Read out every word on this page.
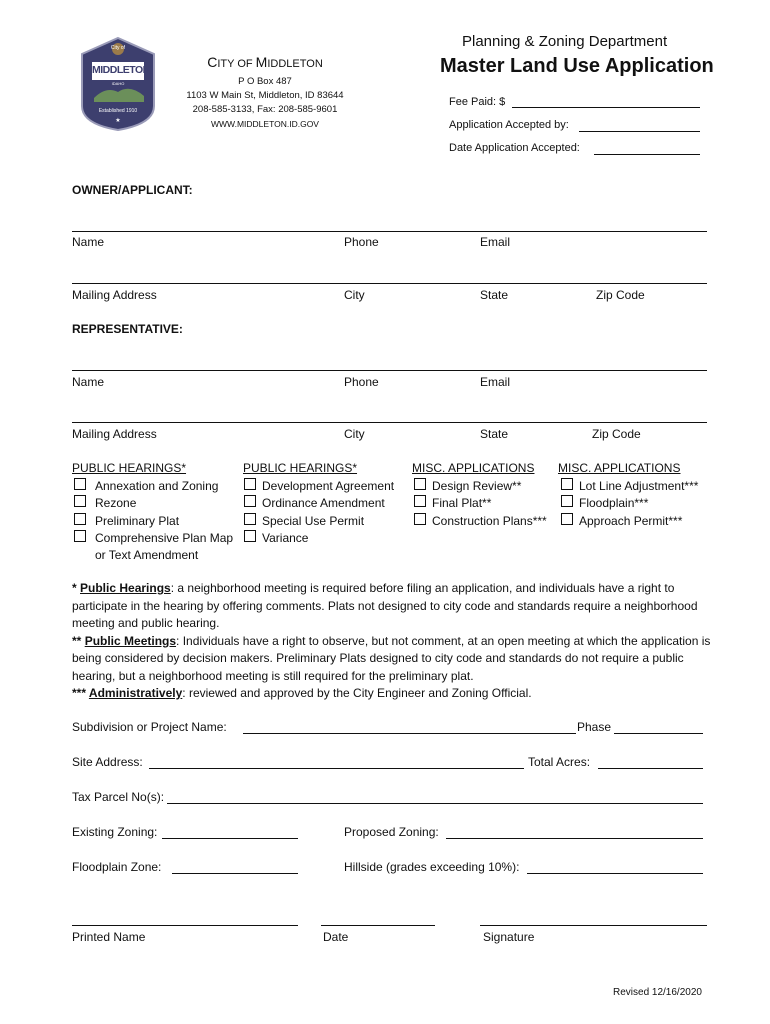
City of
MIDDLETON
IDAHO
Established 1910
★
CITY OF MIDDLETON
P O Box 487
1103 W Main St, Middleton, ID 83644
208-585-3133, Fax: 208-585-9601
WWW.MIDDLETON.ID.GOV
Planning & Zoning Department
Master Land Use Application
Fee Paid: $
Application Accepted by:
Date Application Accepted:
OWNER/APPLICANT:
Name	Phone	Email
Mailing Address	City	State	Zip Code
REPRESENTATIVE:
Name	Phone	Email
Mailing Address	City	State	Zip Code
PUBLIC HEARINGS*
Annexation and Zoning
Rezone
Preliminary Plat
Comprehensive Plan Map
or Text Amendment
PUBLIC HEARINGS*
Development Agreement
Ordinance Amendment
Special Use Permit
Variance
MISC. APPLICATIONS
Design Review**
Final Plat**
Construction Plans***
MISC. APPLICATIONS
Lot Line Adjustment***
Floodplain***
Approach Permit***
* Public Hearings: a neighborhood meeting is required before filing an application, and individuals have a right to participate in the hearing by offering comments. Plats not designed to city code and standards require a neighborhood meeting and public hearing.
** Public Meetings: Individuals have a right to observe, but not comment, at an open meeting at which the application is being considered by decision makers. Preliminary Plats designed to city code and standards do not require a public hearing, but a neighborhood meeting is still required for the preliminary plat.
*** Administratively: reviewed and approved by the City Engineer and Zoning Official.
Subdivision or Project Name:	Phase
Site Address:	Total Acres:
Tax Parcel No(s):
Existing Zoning:	Proposed Zoning:
Floodplain Zone:	Hillside (grades exceeding 10%):
Printed Name	Date	Signature
Revised 12/16/2020
